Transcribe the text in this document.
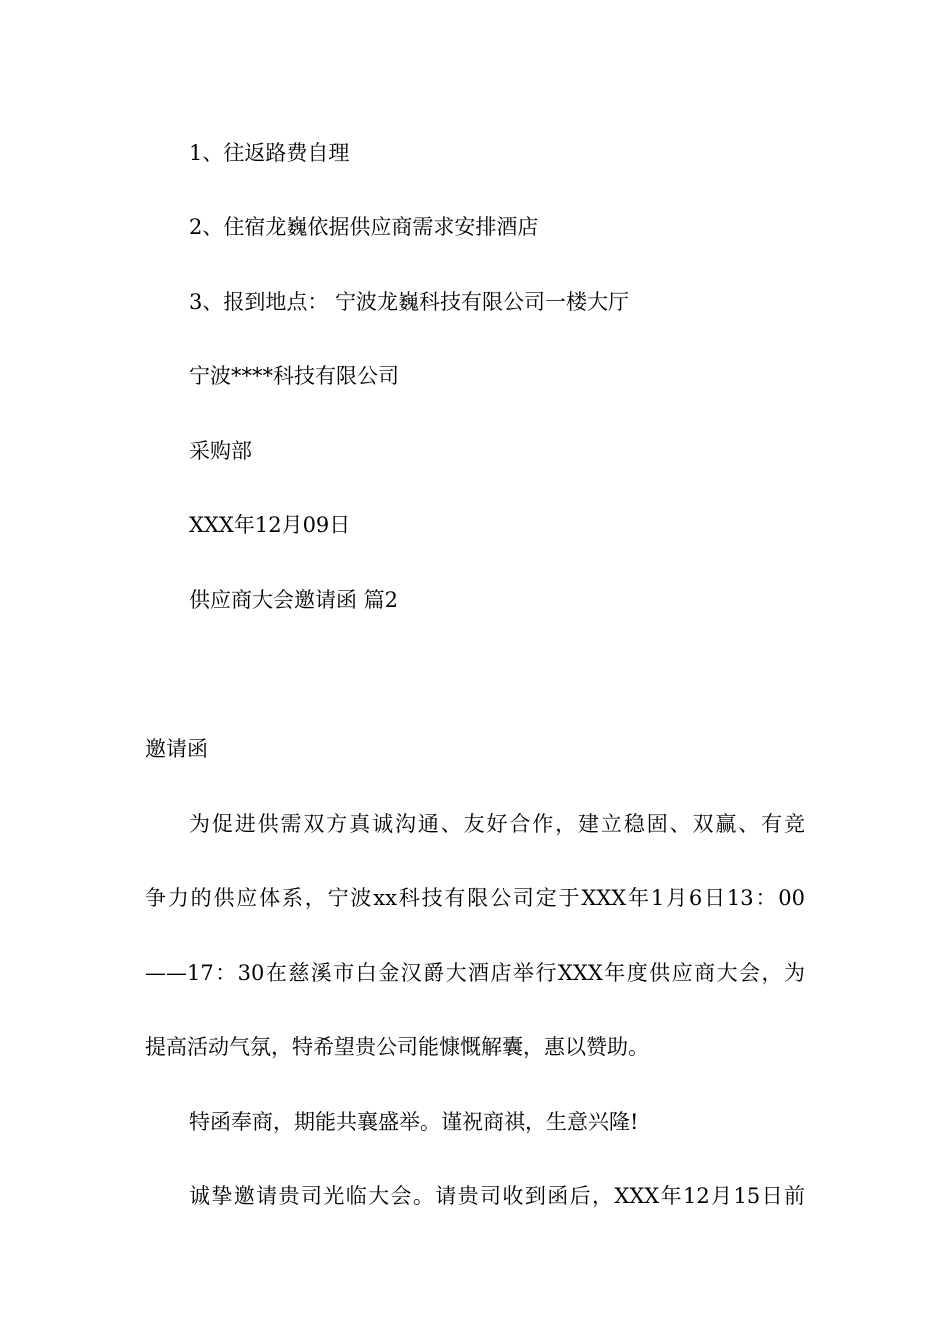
1、往返路费自理
2、住宿龙巍依据供应商需求安排酒店
3、报到地点： 宁波龙巍科技有限公司一楼大厅
宁波****科技有限公司
采购部
XXX年12月09日
供应商大会邀请函 篇2
邀请函
为促进供需双方真诚沟通、友好合作，建立稳固、双赢、有竞
争力的供应体系，宁波xx科技有限公司定于XXX年1月6日13：00
——17：30在慈溪市白金汉爵大酒店举行XXX年度供应商大会，为
提高活动气氛，特希望贵公司能慷慨解囊，惠以赞助。
特函奉商，期能共襄盛举。谨祝商祺，生意兴隆!
诚挚邀请贵司光临大会。请贵司收到函后，XXX年12月15日前
